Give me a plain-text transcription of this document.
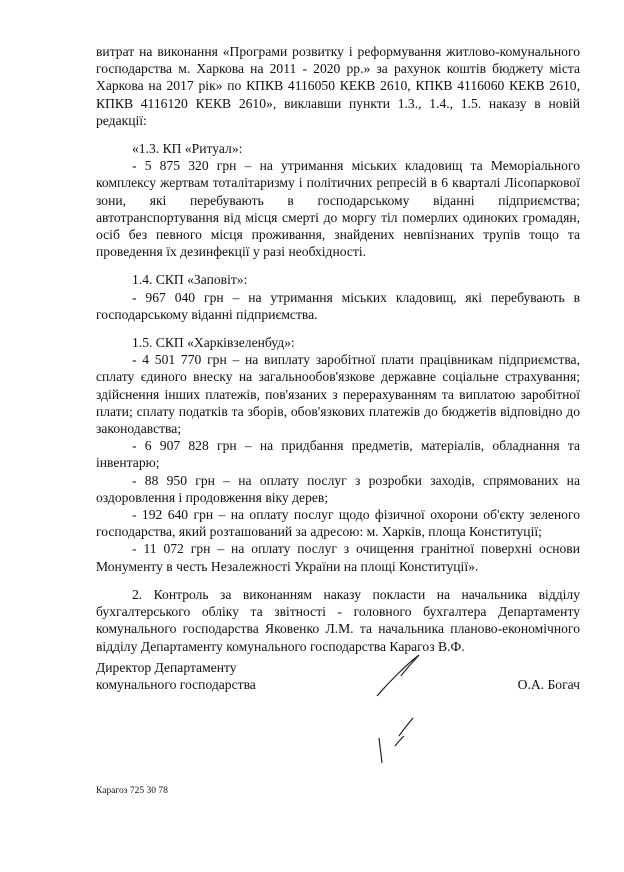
витрат на виконання «Програми розвитку і реформування житлово-комунального господарства м. Харкова на 2011 - 2020 рр.» за рахунок коштів бюджету міста Харкова на 2017 рік» по КПКВ 4116050 КЕКВ 2610, КПКВ 4116060 КЕКВ 2610, КПКВ 4116120 КЕКВ 2610», виклавши пункти 1.3., 1.4., 1.5. наказу в новій редакції:

«1.3. КП «Ритуал»:

- 5 875 320 грн – на утримання міських кладовищ та Меморіального комплексу жертвам тоталітаризму і політичних репресій в 6 кварталі Лісопаркової зони, які перебувають в господарському віданні підприємства; автотранспортування від місця смерті до моргу тіл померлих одиноких громадян, осіб без певного місця проживання, знайдених невпізнаних трупів тощо та проведення їх дезинфекції у разі необхідності.

1.4. СКП «Заповіт»:

- 967 040 грн – на утримання міських кладовищ, які перебувають в господарському віданні підприємства.

1.5. СКП «Харківзеленбуд»:

- 4 501 770 грн – на виплату заробітної плати працівникам підприємства, сплату єдиного внеску на загальнообов'язкове державне соціальне страхування; здійснення інших платежів, пов'язаних з перерахуванням та виплатою заробітної плати; сплату податків та зборів, обов'язкових платежів до бюджетів відповідно до законодавства;

- 6 907 828 грн – на придбання предметів, матеріалів, обладнання та інвентарю;

- 88 950 грн – на оплату послуг з розробки заходів, спрямованих на оздоровлення і продовження віку дерев;

- 192 640 грн – на оплату послуг щодо фізичної охорони об'єкту зеленого господарства, який розташований за адресою: м. Харків, площа Конституції;

- 11 072 грн – на оплату послуг з очищення гранітної поверхні основи Монументу в честь Незалежності України на площі Конституції».

2. Контроль за виконанням наказу покласти на начальника відділу бухгалтерського обліку та звітності - головного бухгалтера Департаменту комунального господарства Яковенко Л.М. та начальника планово-економічного відділу Департаменту комунального господарства Карагоз В.Ф.

Директор Департаменту
комунального господарства	О.А. Богач
Карагоз 725 30 78
